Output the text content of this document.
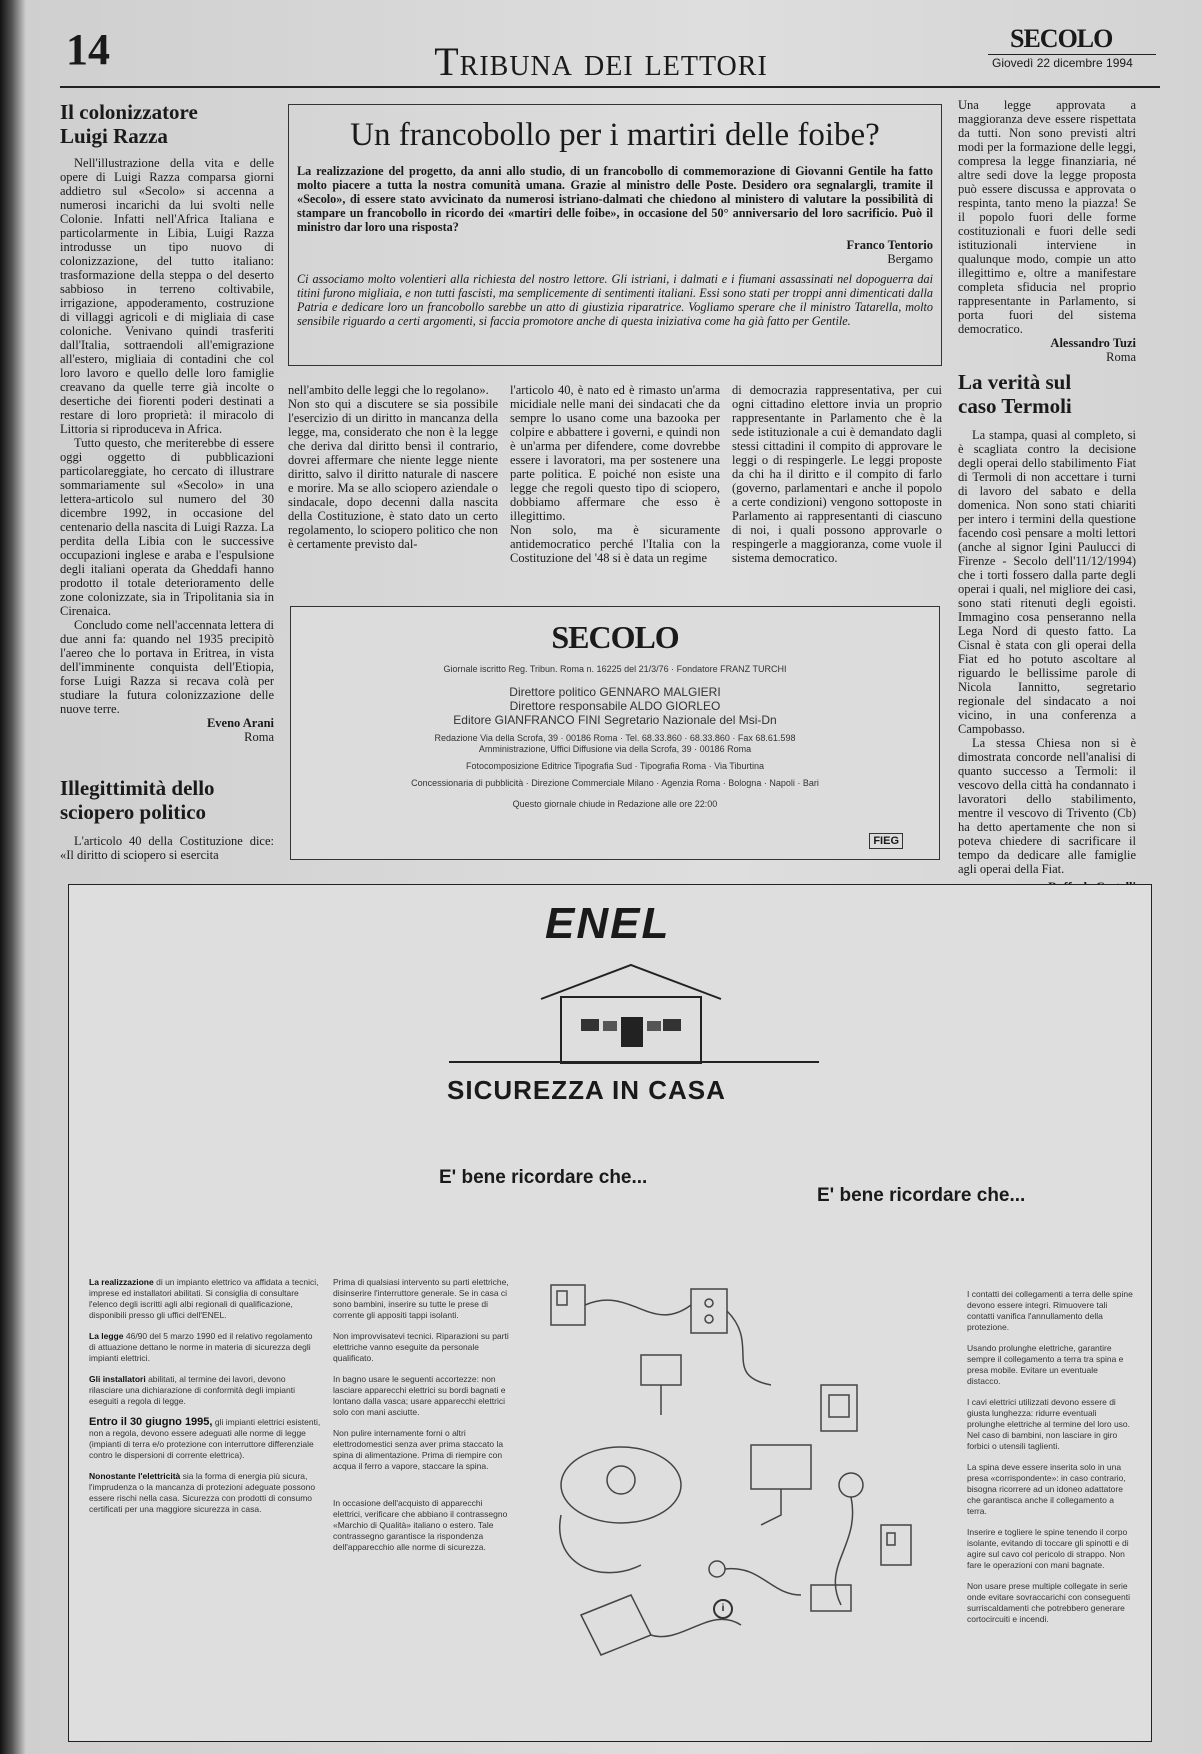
14	Tribuna dei lettori
SECOLO
Giovedì 22 dicembre 1994
Il colonizzatore Luigi Razza

Nell'illustrazione della vita e delle opere di Luigi Razza comparsa giorni addietro sul «Secolo» si accenna a numerosi incarichi da lui svolti nelle Colonie. Infatti nell'Africa Italiana e particolarmente in Libia, Luigi Razza introdusse un tipo nuovo di colonizzazione, del tutto italiano: trasformazione della steppa o del deserto sabbioso in terreno coltivabile, irrigazione, appoderamento, costruzione di villaggi agricoli e di migliaia di case coloniche. Venivano quindi trasferiti dall'Italia, sottraendoli all'emigrazione all'estero, migliaia di contadini che col loro lavoro e quello delle loro famiglie creavano da quelle terre già incolte o desertiche dei fiorenti poderi destinati a restare di loro proprietà: il miracolo di Littoria si riproduceva in Africa.

Tutto questo, che meriterebbe di essere oggi oggetto di pubblicazioni particolareggiate, ho cercato di illustrare sommariamente sul «Secolo» in una lettera-articolo sul numero del 30 dicembre 1992, in occasione del centenario della nascita di Luigi Razza. La perdita della Libia con le successive occupazioni inglese e araba e l'espulsione degli italiani operata da Gheddafi hanno prodotto il totale deterioramento delle zone colonizzate, sia in Tripolitania sia in Cirenaica.

Concludo come nell'accennata lettera di due anni fa: quando nel 1935 precipitò l'aereo che lo portava in Eritrea, in vista dell'imminente conquista dell'Etiopia, forse Luigi Razza si recava colà per studiare la futura colonizzazione delle nuove terre.

Eveno Arani
Roma
Illegittimità dello sciopero politico

L'articolo 40 della Costituzione dice: «Il diritto di sciopero si esercita

nell'ambito delle leggi che lo regolano».
Non sto qui a discutere se sia possibile l'esercizio di un diritto in mancanza della legge, ma, considerato che non è la legge che deriva dal diritto bensì il contrario, dovrei affermare che niente legge niente diritto, salvo il diritto naturale di nascere e morire. Ma se allo sciopero aziendale o sindacale, dopo decenni dalla nascita della Costituzione, è stato dato un certo regolamento, lo sciopero politico che non è certamente previsto dal-

l'articolo 40, è nato ed è rimasto un'arma micidiale nelle mani dei sindacati che da sempre lo usano come una bazooka per colpire e abbattere i governi, e quindi non è un'arma per difendere, come dovrebbe essere i lavoratori, ma per sostenere una parte politica. E poiché non esiste una legge che regoli questo tipo di sciopero, dobbiamo affermare che esso è illegittimo.
Non solo, ma è sicuramente antidemocratico perché l'Italia con la Costituzione del '48 si è data un regime

di democrazia rappresentativa, per cui ogni cittadino elettore invia un proprio rappresentante in Parlamento che è la sede istituzionale a cui è demandato dagli stessi cittadini il compito di approvare le leggi o di respingerle. Le leggi proposte da chi ha il diritto e il compito di farlo (governo, parlamentari e anche il popolo a certe condizioni) vengono sottoposte in Parlamento ai rappresentanti di ciascuno di noi, i quali possono approvarle o respingerle a maggioranza, come vuole il sistema democratico.

Un francobollo per i martiri delle foibe?

La realizzazione del progetto, da anni allo studio, di un francobollo di commemorazione di Giovanni Gentile ha fatto molto piacere a tutta la nostra comunità umana. Grazie al ministro delle Poste. Desidero ora segnalargli, tramite il «Secolo», di essere stato avvicinato da numerosi istriano-dalmati che chiedono al ministero di valutare la possibilità di stampare un francobollo in ricordo dei «martiri delle foibe», in occasione del 50° anniversario del loro sacrificio. Può il ministro dar loro una risposta?

Franco Tentorio
Bergamo

Ci associamo molto volentieri alla richiesta del nostro lettore. Gli istriani, i dalmati e i fiumani assassinati nel dopoguerra dai titini furono migliaia, e non tutti fascisti, ma semplicemente di sentimenti italiani. Essi sono stati per troppi anni dimenticati dalla Patria e dedicare loro un francobollo sarebbe un atto di giustizia riparatrice. Vogliamo sperare che il ministro Tatarella, molto sensibile riguardo a certi argomenti, si faccia promotore anche di questa iniziativa come ha già fatto per Gentile.

SECOLO
Giornale iscritto Reg. Tribun. Roma n. 16225 del 21/3/76 · Fondatore FRANZ TURCHI
Direttore politico GENNARO MALGIERI
Direttore responsabile ALDO GIORLEO
Editore GIANFRANCO FINI Segretario Nazionale del Msi-Dn
Redazione Via della Scrofa, 39 · 00186 Roma · Tel. 68.33.860 · 68.33.860 · Fax 68.61.598
Amministrazione, Uffici Diffusione via della Scrofa, 39 · 00186 Roma
Fotocomposizione Editrice Tipografia Sud · Tipografia Roma · Via Tiburtina
Concessionaria di pubblicità · Direzione Commerciale Milano · Agenzia Roma · Bologna · Napoli · Bari
Questo giornale chiude in Redazione alle ore 22:00
FIEG

Una legge approvata a maggioranza deve essere rispettata da tutti. Non sono previsti altri modi per la formazione delle leggi, compresa la legge finanziaria, né altre sedi dove la legge proposta può essere discussa e approvata o respinta, tanto meno la piazza! Se il popolo fuori delle forme costituzionali e fuori delle sedi istituzionali interviene in qualunque modo, compie un atto illegittimo e, oltre a manifestare completa sfiducia nel proprio rappresentante in Parlamento, si porta fuori del sistema democratico.

Alessandro Tuzi
Roma
La verità sul caso Termoli

La stampa, quasi al completo, si è scagliata contro la decisione degli operai dello stabilimento Fiat di Termoli di non accettare i turni di lavoro del sabato e della domenica. Non sono stati chiariti per intero i termini della questione facendo così pensare a molti lettori (anche al signor Igini Paulucci di Firenze - Secolo dell'11/12/1994) che i torti fossero dalla parte degli operai i quali, nel migliore dei casi, sono stati ritenuti degli egoisti. Immagino cosa penseranno nella Lega Nord di questo fatto. La Cisnal è stata con gli operai della Fiat ed ho potuto ascoltare al riguardo le bellissime parole di Nicola Iannitto, segretario regionale del sindacato a noi vicino, in una conferenza a Campobasso.

La stessa Chiesa non si è dimostrata concorde nell'analisi di quanto successo a Termoli: il vescovo della città ha condannato i lavoratori dello stabilimento, mentre il vescovo di Trivento (Cb) ha detto apertamente che non si poteva chiedere di sacrificare il tempo da dedicare alle famiglie agli operai della Fiat.

ENEL
SICUREZZA IN CASA
E' bene ricordare che...
E' bene ricordare che...
La realizzazione di un impianto elettrico va affidata a tecnici, imprese ed installatori abilitati. Si consiglia di consultare l'elenco degli iscritti agli albi regionali di qualificazione, disponibili presso gli uffici dell'ENEL.
La legge 46/90 del 5 marzo 1990 ed il relativo regolamento di attuazione dettano le norme in materia di sicurezza degli impianti elettrici.
Gli installatori abilitati, al termine dei lavori, devono rilasciare una dichiarazione di conformità degli impianti eseguiti a regola di legge.
Entro il 30 giugno 1995, gli impianti elettrici esistenti, non a regola, devono essere adeguati alle norme di legge (impianti di terra e/o protezione con interruttore differenziale contro le dispersioni di corrente elettrica).
Nonostante l'elettricità sia la forma di energia più sicura, l'imprudenza o la mancanza di protezioni adeguate possono essere rischi nella casa. Sicurezza con prodotti di consumo certificati per una maggiore sicurezza in casa.
Prima di qualsiasi intervento su parti elettriche, disinserire l'interruttore generale. Se in casa ci sono bambini, inserire su tutte le prese di corrente gli appositi tappi isolanti.
Non improvvisatevi tecnici. Riparazioni su parti elettriche vanno eseguite da personale qualificato.
In bagno usare le seguenti accortezze: non lasciare apparecchi elettrici su bordi bagnati e lontano dalla vasca; usare apparecchi elettrici solo con mani asciutte.
Non pulire internamente forni o altri elettrodomestici senza aver prima staccato la spina di alimentazione. Prima di riempire con acqua il ferro a vapore, staccare la spina.
In occasione dell'acquisto di apparecchi elettrici, verificare che abbiano il contrassegno «Marchio di Qualità» italiano o estero. Tale contrassegno garantisce la rispondenza dell'apparecchio alle norme di sicurezza.
i
I contatti dei collegamenti a terra delle spine devono essere integri. Rimuovere tali contatti vanifica l'annullamento della protezione.
Usando prolunghe elettriche, garantire sempre il collegamento a terra tra spina e presa mobile. Evitare un eventuale distacco.
I cavi elettrici utilizzati devono essere di giusta lunghezza: ridurre eventuali prolunghe elettriche al termine del loro uso. Nel caso di bambini, non lasciare in giro forbici o utensili taglienti.
La spina deve essere inserita solo in una presa «corrispondente»: in caso contrario, bisogna ricorrere ad un idoneo adattatore che garantisca anche il collegamento a terra.
Inserire e togliere le spine tenendo il corpo isolante, evitando di toccare gli spinotti e di agire sul cavo col pericolo di strappo. Non fare le operazioni con mani bagnate.
Non usare prese multiple collegate in serie onde evitare sovraccarichi con conseguenti surriscaldamenti che potrebbero generare cortocircuiti e incendi.
